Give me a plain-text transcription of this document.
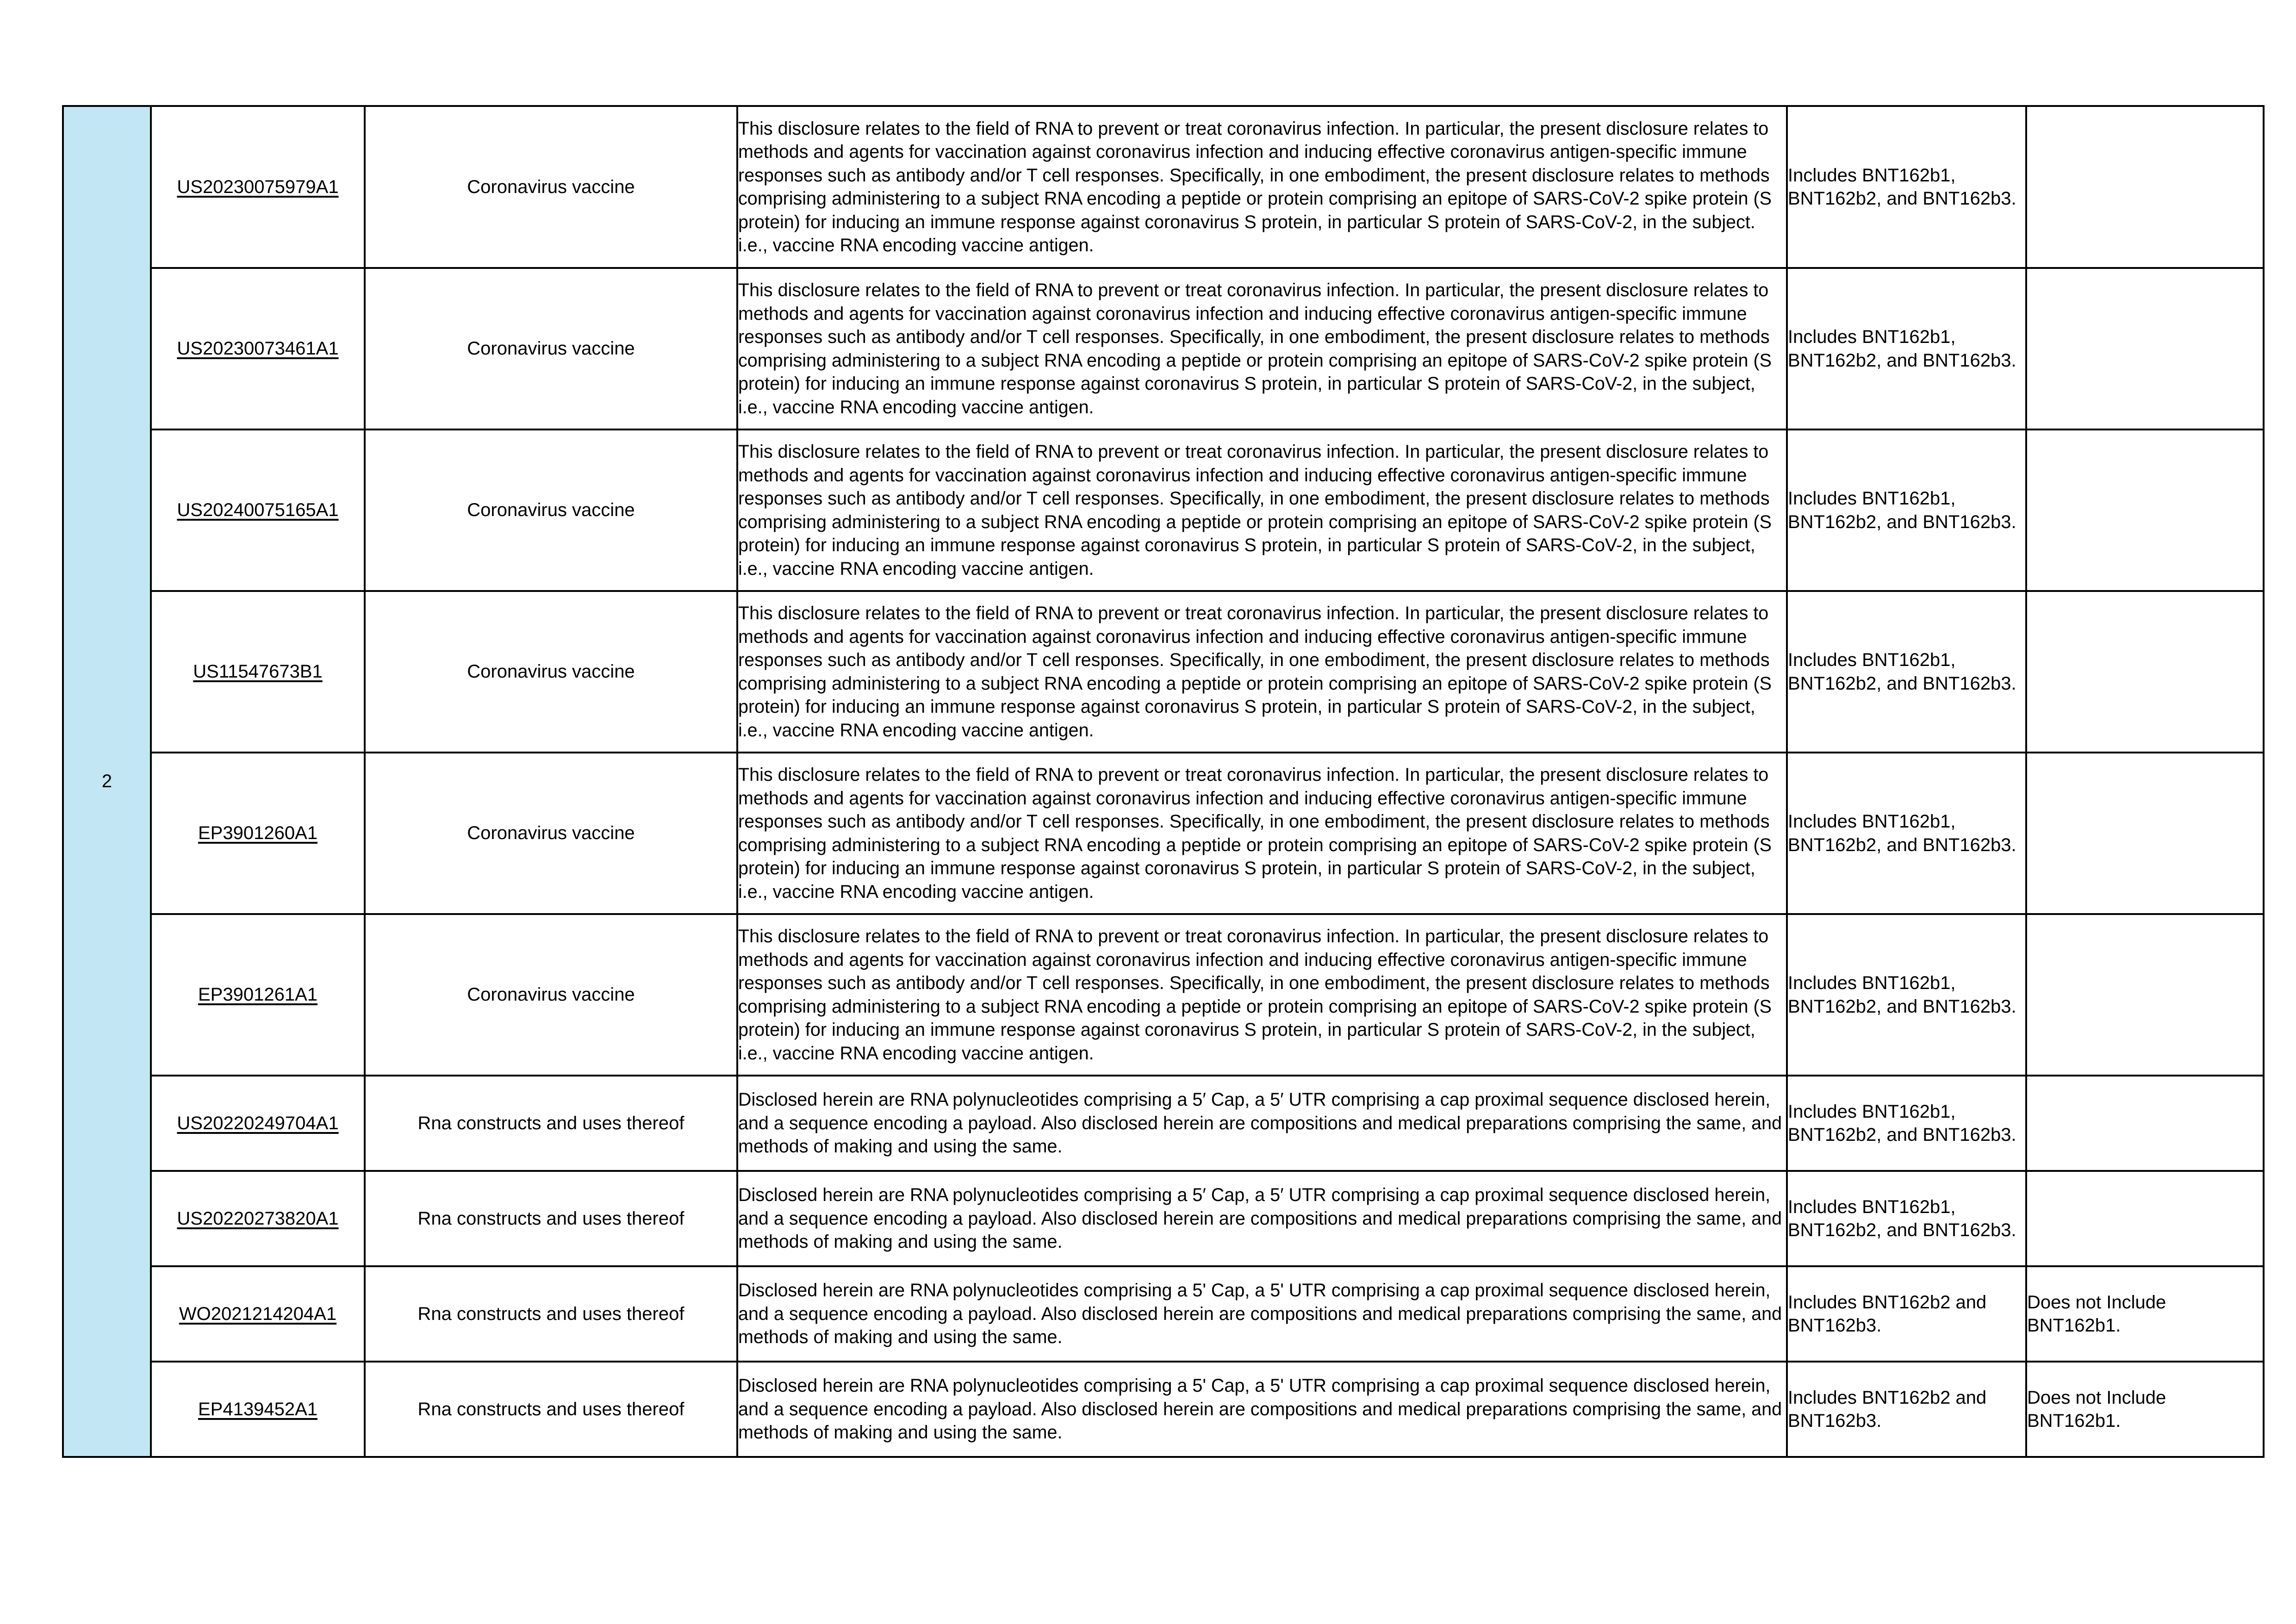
2	US20230075979A1	Coronavirus vaccine	This disclosure relates to the field of RNA to prevent or treat coronavirus infection. In particular, the present disclosure relates to methods and agents for vaccination against coronavirus infection and inducing effective coronavirus antigen-specific immune responses such as antibody and/or T cell responses. Specifically, in one embodiment, the present disclosure relates to methods comprising administering to a subject RNA encoding a peptide or protein comprising an epitope of SARS-CoV-2 spike protein (S protein) for inducing an immune response against coronavirus S protein, in particular S protein of SARS-CoV-2, in the subject. i.e., vaccine RNA encoding vaccine antigen.	Includes BNT162b1, BNT162b2, and BNT162b3.	
	US20230073461A1	Coronavirus vaccine	This disclosure relates to the field of RNA to prevent or treat coronavirus infection. In particular, the present disclosure relates to methods and agents for vaccination against coronavirus infection and inducing effective coronavirus antigen-specific immune responses such as antibody and/or T cell responses. Specifically, in one embodiment, the present disclosure relates to methods comprising administering to a subject RNA encoding a peptide or protein comprising an epitope of SARS-CoV-2 spike protein (S protein) for inducing an immune response against coronavirus S protein, in particular S protein of SARS-CoV-2, in the subject, i.e., vaccine RNA encoding vaccine antigen.	Includes BNT162b1, BNT162b2, and BNT162b3.	
	US20240075165A1	Coronavirus vaccine	This disclosure relates to the field of RNA to prevent or treat coronavirus infection. In particular, the present disclosure relates to methods and agents for vaccination against coronavirus infection and inducing effective coronavirus antigen-specific immune responses such as antibody and/or T cell responses. Specifically, in one embodiment, the present disclosure relates to methods comprising administering to a subject RNA encoding a peptide or protein comprising an epitope of SARS-CoV-2 spike protein (S protein) for inducing an immune response against coronavirus S protein, in particular S protein of SARS-CoV-2, in the subject, i.e., vaccine RNA encoding vaccine antigen.	Includes BNT162b1, BNT162b2, and BNT162b3.	
	US11547673B1	Coronavirus vaccine	This disclosure relates to the field of RNA to prevent or treat coronavirus infection. In particular, the present disclosure relates to methods and agents for vaccination against coronavirus infection and inducing effective coronavirus antigen-specific immune responses such as antibody and/or T cell responses. Specifically, in one embodiment, the present disclosure relates to methods comprising administering to a subject RNA encoding a peptide or protein comprising an epitope of SARS-CoV-2 spike protein (S protein) for inducing an immune response against coronavirus S protein, in particular S protein of SARS-CoV-2, in the subject, i.e., vaccine RNA encoding vaccine antigen.	Includes BNT162b1, BNT162b2, and BNT162b3.	
	EP3901260A1	Coronavirus vaccine	This disclosure relates to the field of RNA to prevent or treat coronavirus infection. In particular, the present disclosure relates to methods and agents for vaccination against coronavirus infection and inducing effective coronavirus antigen-specific immune responses such as antibody and/or T cell responses. Specifically, in one embodiment, the present disclosure relates to methods comprising administering to a subject RNA encoding a peptide or protein comprising an epitope of SARS-CoV-2 spike protein (S protein) for inducing an immune response against coronavirus S protein, in particular S protein of SARS-CoV-2, in the subject, i.e., vaccine RNA encoding vaccine antigen.	Includes BNT162b1, BNT162b2, and BNT162b3.	
	EP3901261A1	Coronavirus vaccine	This disclosure relates to the field of RNA to prevent or treat coronavirus infection. In particular, the present disclosure relates to methods and agents for vaccination against coronavirus infection and inducing effective coronavirus antigen-specific immune responses such as antibody and/or T cell responses. Specifically, in one embodiment, the present disclosure relates to methods comprising administering to a subject RNA encoding a peptide or protein comprising an epitope of SARS-CoV-2 spike protein (S protein) for inducing an immune response against coronavirus S protein, in particular S protein of SARS-CoV-2, in the subject, i.e., vaccine RNA encoding vaccine antigen.	Includes BNT162b1, BNT162b2, and BNT162b3.	
	US20220249704A1	Rna constructs and uses thereof	Disclosed herein are RNA polynucleotides comprising a 5′ Cap, a 5′ UTR comprising a cap proximal sequence disclosed herein, and a sequence encoding a payload. Also disclosed herein are compositions and medical preparations comprising the same, and methods of making and using the same.	Includes BNT162b1, BNT162b2, and BNT162b3.	
	US20220273820A1	Rna constructs and uses thereof	Disclosed herein are RNA polynucleotides comprising a 5′ Cap, a 5′ UTR comprising a cap proximal sequence disclosed herein, and a sequence encoding a payload. Also disclosed herein are compositions and medical preparations comprising the same, and methods of making and using the same.	Includes BNT162b1, BNT162b2, and BNT162b3.	
	WO2021214204A1	Rna constructs and uses thereof	Disclosed herein are RNA polynucleotides comprising a 5' Cap, a 5' UTR comprising a cap proximal sequence disclosed herein, and a sequence encoding a payload. Also disclosed herein are compositions and medical preparations comprising the same, and methods of making and using the same.	Includes BNT162b2 and BNT162b3.	Does not Include BNT162b1.
	EP4139452A1	Rna constructs and uses thereof	Disclosed herein are RNA polynucleotides comprising a 5' Cap, a 5' UTR comprising a cap proximal sequence disclosed herein, and a sequence encoding a payload. Also disclosed herein are compositions and medical preparations comprising the same, and methods of making and using the same.	Includes BNT162b2 and BNT162b3.	Does not Include BNT162b1.
